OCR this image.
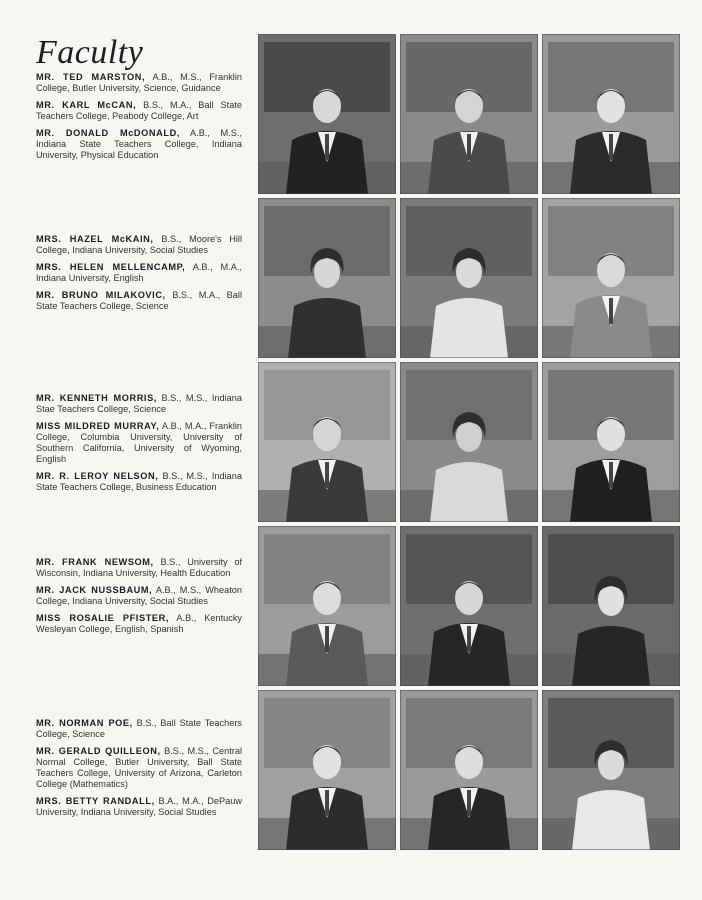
Faculty
MR. TED MARSTON, A.B., M.S., Franklin College, Butler University, Science, Guidance
MR. KARL McCAN, B.S., M.A., Ball State Teachers College, Peabody College, Art
MR. DONALD McDONALD, A.B., M.S., Indiana State Teachers College, Indiana University, Physical Education
MRS. HAZEL McKAIN, B.S., Moore's Hill College, Indiana University, Social Studies
MRS. HELEN MELLENCAMP, A.B., M.A., Indiana University, English
MR. BRUNO MILAKOVIC, B.S., M.A., Ball State Teachers College, Science
MR. KENNETH MORRIS, B.S., M.S., Indiana Stae Teachers College, Science
MISS MILDRED MURRAY, A.B., M.A., Franklin College, Columbia University, University of Southern California, University of Wyoming, English
MR. R. LEROY NELSON, B.S., M.S., Indiana State Teachers College, Business Education
MR. FRANK NEWSOM, B.S., University of Wisconsin, Indiana University, Health Education
MR. JACK NUSSBAUM, A.B., M.S., Wheaton College, Indiana University, Social Studies
MISS ROSALIE PFISTER, A.B., Kentucky Wesleyan College, English, Spanish
MR. NORMAN POE, B.S., Ball State Teachers College, Science
MR. GERALD QUILLEON, B.S., M.S., Central Normal College, Butler University, Ball State Teachers College, University of Arizona, Carleton College (Mathematics)
MRS. BETTY RANDALL, B.A., M.A., DePauw University, Indiana University, Social Studies
